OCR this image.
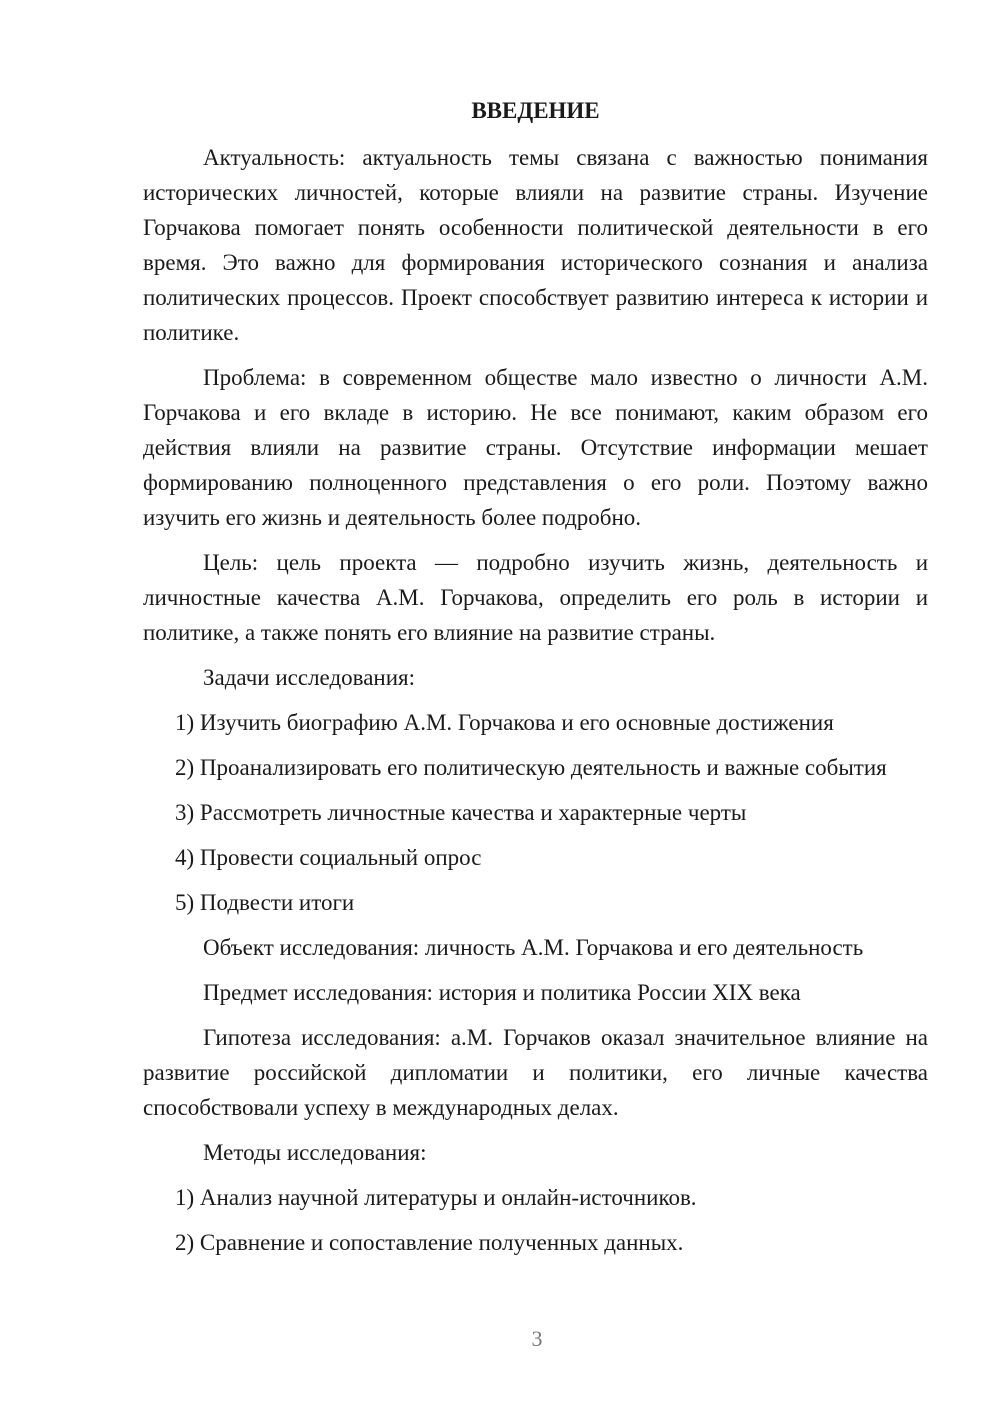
ВВЕДЕНИЕ

Актуальность: актуальность темы связана с важностью понимания исторических личностей, которые влияли на развитие страны. Изучение Горчакова помогает понять особенности политической деятельности в его время. Это важно для формирования исторического сознания и анализа политических процессов. Проект способствует развитию интереса к истории и политике.

Проблема: в современном обществе мало известно о личности А.М. Горчакова и его вкладе в историю. Не все понимают, каким образом его действия влияли на развитие страны. Отсутствие информации мешает формированию полноценного представления о его роли. Поэтому важно изучить его жизнь и деятельность более подробно.

Цель: цель проекта — подробно изучить жизнь, деятельность и личностные качества А.М. Горчакова, определить его роль в истории и политике, а также понять его влияние на развитие страны.

Задачи исследования:

1) Изучить биографию А.М. Горчакова и его основные достижения

2) Проанализировать его политическую деятельность и важные события

3) Рассмотреть личностные качества и характерные черты

4) Провести социальный опрос

5) Подвести итоги

Объект исследования: личность А.М. Горчакова и его деятельность

Предмет исследования: история и политика России XIX века

Гипотеза исследования: а.М. Горчаков оказал значительное влияние на развитие российской дипломатии и политики, его личные качества способствовали успеху в международных делах.

Методы исследования:

1) Анализ научной литературы и онлайн-источников.

2) Сравнение и сопоставление полученных данных.

3
